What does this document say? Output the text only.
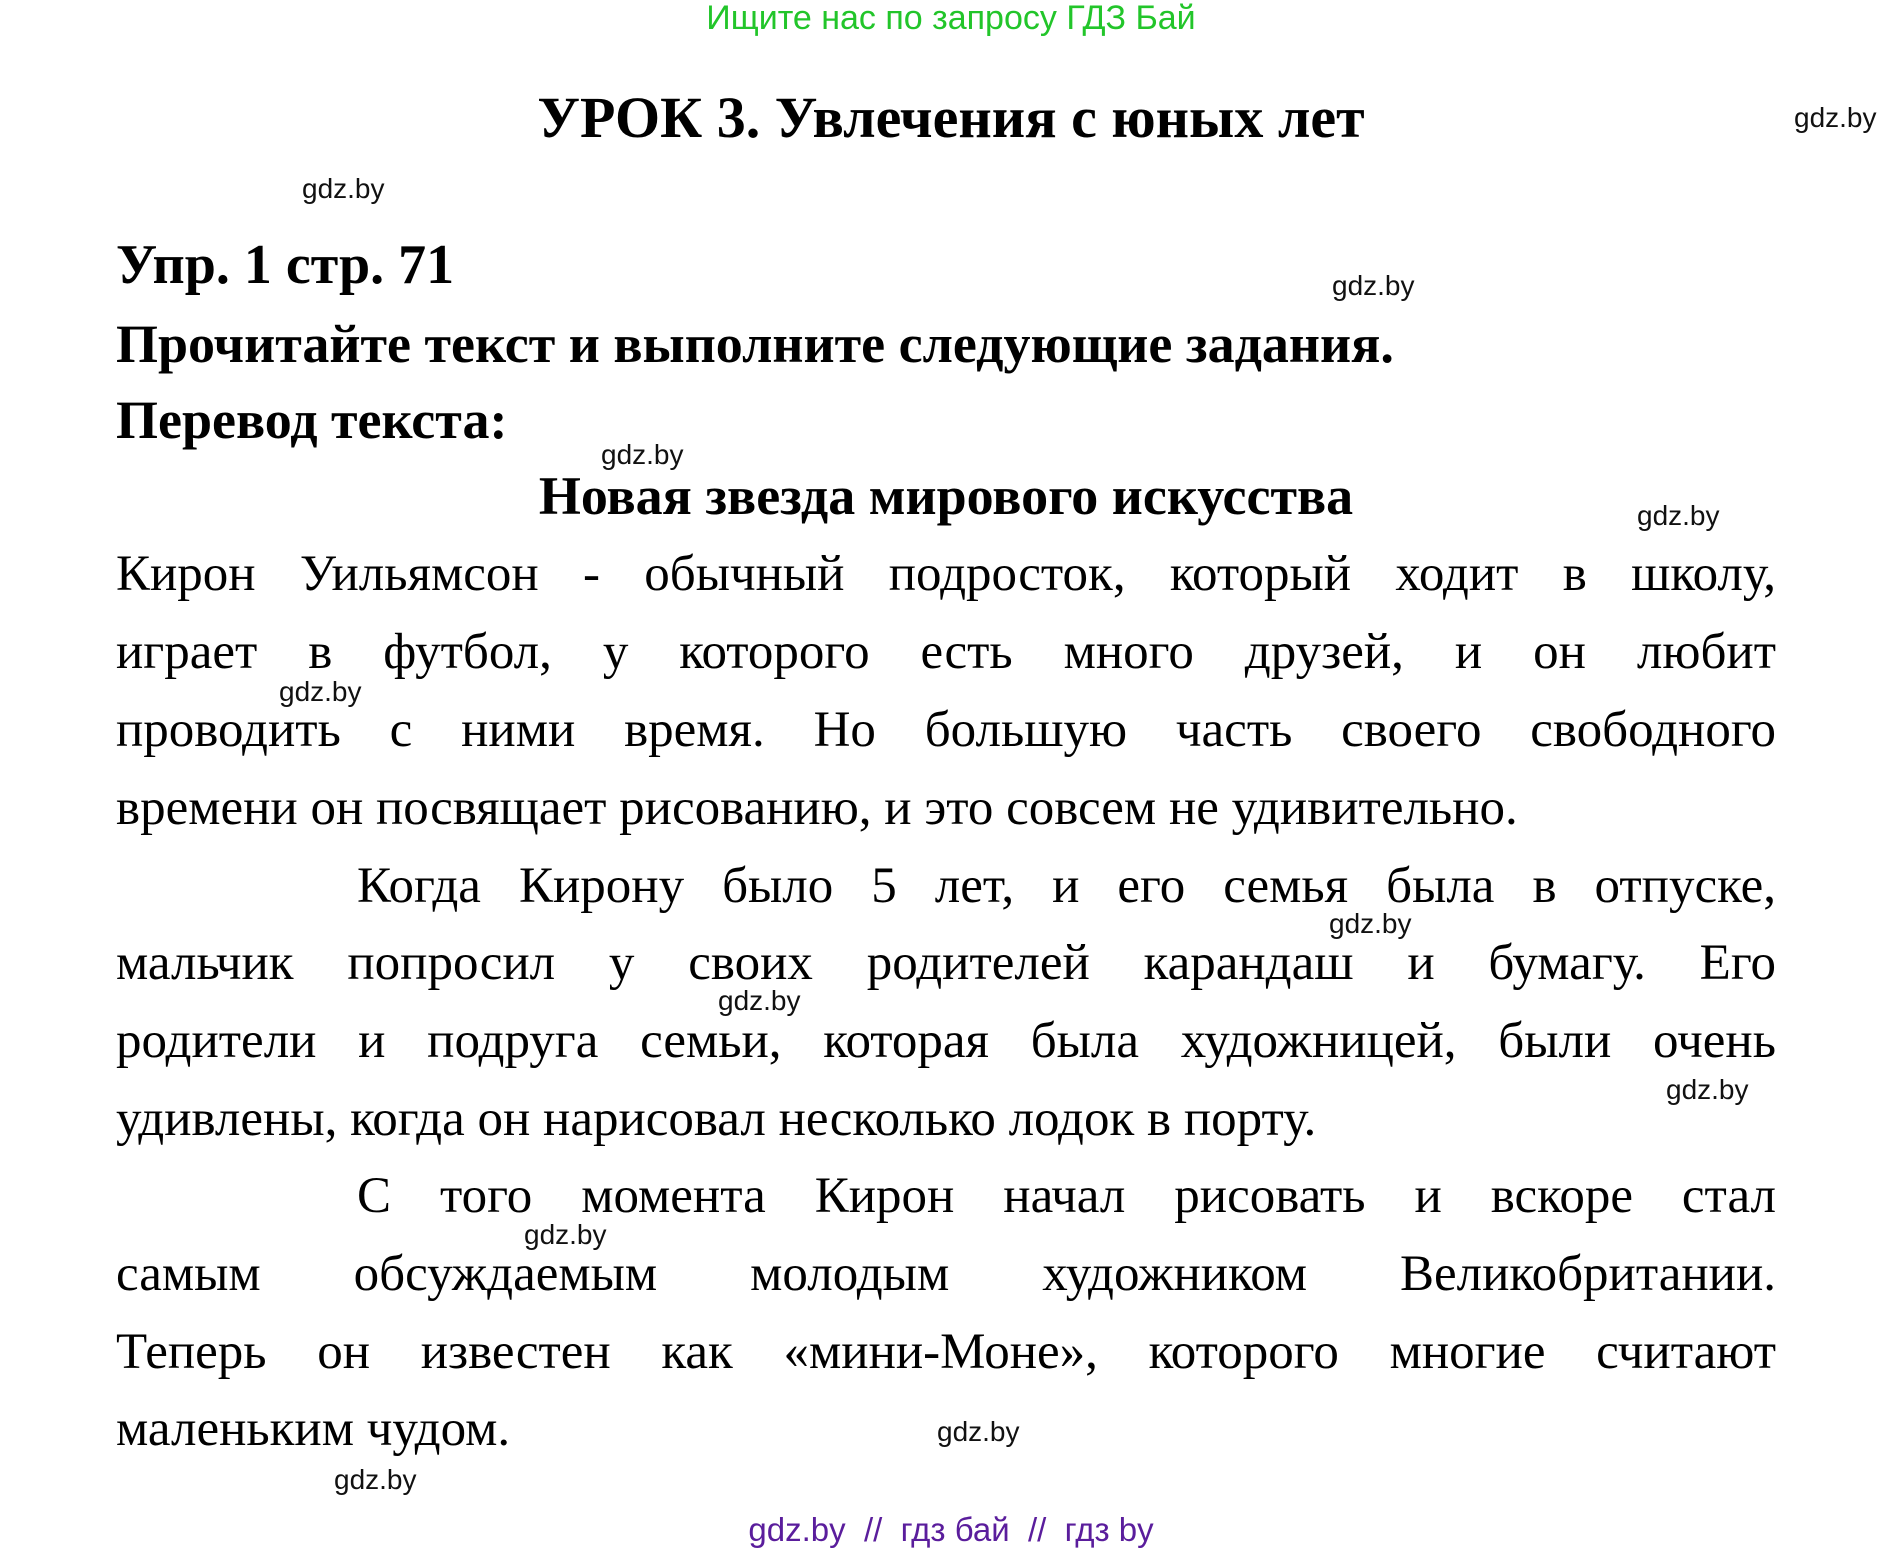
Ищите нас по запросу ГДЗ Бай
УРОК 3. Увлечения с юных лет
Упр. 1 стр. 71
Прочитайте текст и выполните следующие задания.
Перевод текста:
Новая звезда мирового искусства
Кирон Уильямсон - обычный подросток, который ходит в школу,
играет в футбол, у которого есть много друзей, и он любит
проводить с ними время. Но большую часть своего свободного
времени он посвящает рисованию, и это совсем не удивительно.
Когда Кирону было 5 лет, и его семья была в отпуске,
мальчик попросил у своих родителей карандаш и бумагу. Его
родители и подруга семьи, которая была художницей, были очень
удивлены, когда он нарисовал несколько лодок в порту.
С того момента Кирон начал рисовать и вскоре стал
самым обсуждаемым молодым художником Великобритании.
Теперь он известен как «мини-Моне», которого многие считают
маленьким чудом.
gdz.by
gdz.by
gdz.by
gdz.by
gdz.by
gdz.by
gdz.by
gdz.by
gdz.by
gdz.by
gdz.by
gdz.by
gdz.by  //  гдз бай  //  гдз by
